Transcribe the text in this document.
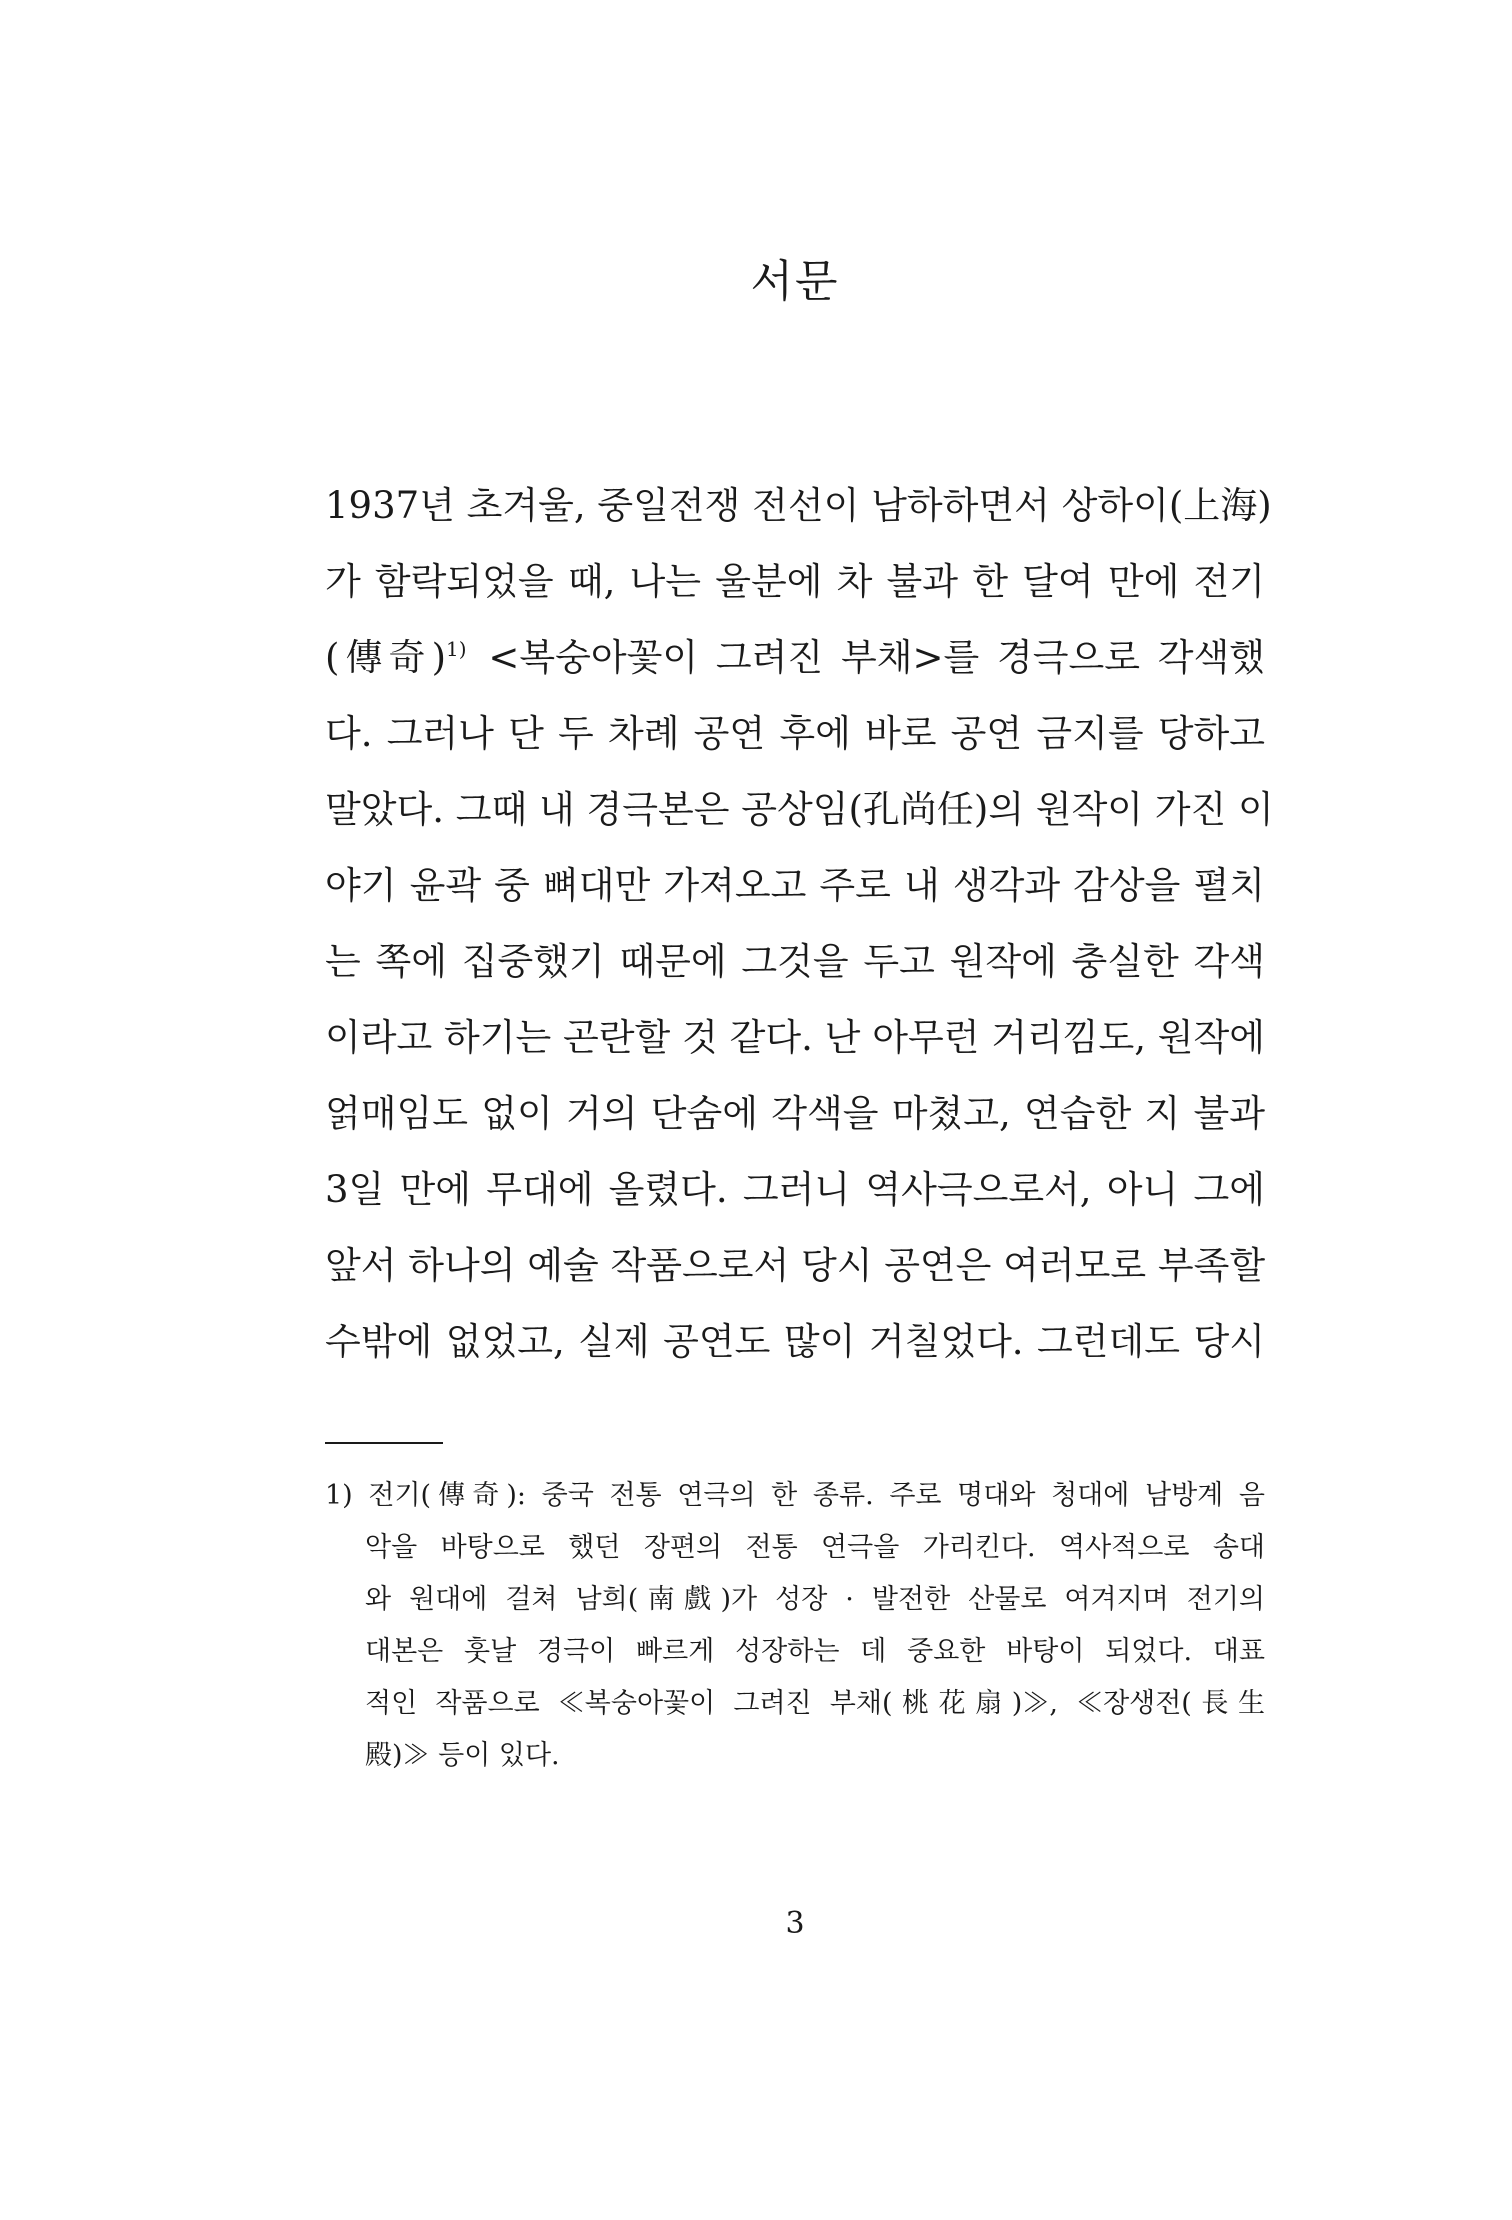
서문
1937년 초겨울, 중일전쟁 전선이 남하하면서 상하이(上海)
가 함락되었을 때, 나는 울분에 차 불과 한 달여 만에 전기
(傳奇)$^{1)}$ <복숭아꽃이 그려진 부채>를 경극으로 각색했
다. 그러나 단 두 차례 공연 후에 바로 공연 금지를 당하고
말았다. 그때 내 경극본은 공상임(孔尚任)의 원작이 가진 이
야기 윤곽 중 뼈대만 가져오고 주로 내 생각과 감상을 펼치
는 쪽에 집중했기 때문에 그것을 두고 원작에 충실한 각색
이라고 하기는 곤란할 것 같다. 난 아무런 거리낌도, 원작에
얽매임도 없이 거의 단숨에 각색을 마쳤고, 연습한 지 불과
3일 만에 무대에 올렸다. 그러니 역사극으로서, 아니 그에
앞서 하나의 예술 작품으로서 당시 공연은 여러모로 부족할
수밖에 없었고, 실제 공연도 많이 거칠었다. 그런데도 당시
1) 전기(傳奇): 중국 전통 연극의 한 종류. 주로 명대와 청대에 남방계 음
악을 바탕으로 했던 장편의 전통 연극을 가리킨다. 역사적으로 송대
와 원대에 걸쳐 남희(南戲)가 성장 · 발전한 산물로 여겨지며 전기의
대본은 훗날 경극이 빠르게 성장하는 데 중요한 바탕이 되었다. 대표
적인 작품으로 ≪복숭아꽃이 그려진 부채(桃花扇)≫, ≪장생전(長生
殿)≫ 등이 있다.
3
